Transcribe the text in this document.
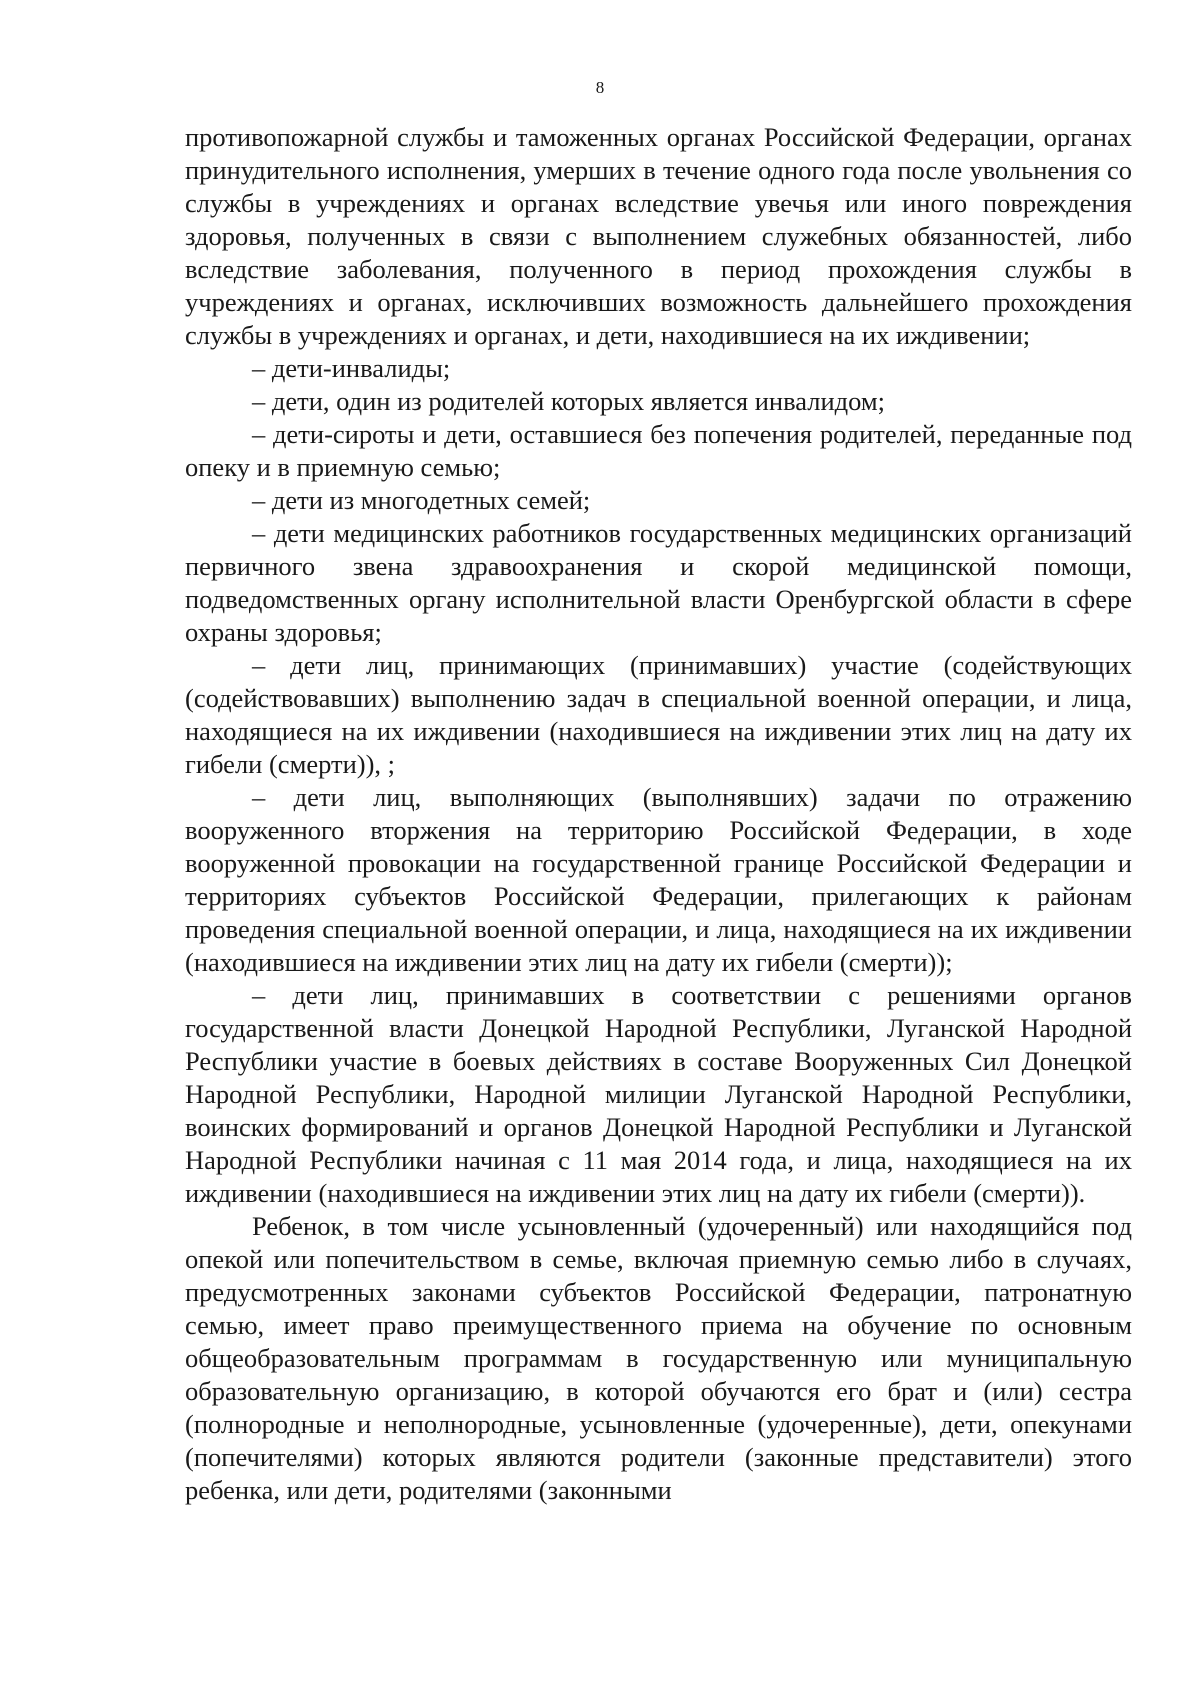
8

противопожарной службы и таможенных органах Российской Федерации, органах принудительного исполнения, умерших в течение одного года после увольнения со службы в учреждениях и органах вследствие увечья или иного повреждения здоровья, полученных в связи с выполнением служебных обязанностей, либо вследствие заболевания, полученного в период прохождения службы в учреждениях и органах, исключивших возможность дальнейшего прохождения службы в учреждениях и органах, и дети, находившиеся на их иждивении;

– дети-инвалиды;

– дети, один из родителей которых является инвалидом;

– дети-сироты и дети, оставшиеся без попечения родителей, переданные под опеку и в приемную семью;

– дети из многодетных семей;

– дети медицинских работников государственных медицинских организаций первичного звена здравоохранения и скорой медицинской помощи, подведомственных органу исполнительной власти Оренбургской области в сфере охраны здоровья;

– дети лиц, принимающих (принимавших) участие (содействующих (содействовавших) выполнению задач в специальной военной операции, и лица, находящиеся на их иждивении (находившиеся на иждивении этих лиц на дату их гибели (смерти)), ;

– дети лиц, выполняющих (выполнявших) задачи по отражению вооруженного вторжения на территорию Российской Федерации, в ходе вооруженной провокации на государственной границе Российской Федерации и территориях субъектов Российской Федерации, прилегающих к районам проведения специальной военной операции, и лица, находящиеся на их иждивении (находившиеся на иждивении этих лиц на дату их гибели (смерти));

– дети лиц, принимавших в соответствии с решениями органов государственной власти Донецкой Народной Республики, Луганской Народной Республики участие в боевых действиях в составе Вооруженных Сил Донецкой Народной Республики, Народной милиции Луганской Народной Республики, воинских формирований и органов Донецкой Народной Республики и Луганской Народной Республики начиная с 11 мая 2014 года, и лица, находящиеся на их иждивении (находившиеся на иждивении этих лиц на дату их гибели (смерти)).

Ребенок, в том числе усыновленный (удочеренный) или находящийся под опекой или попечительством в семье, включая приемную семью либо в случаях, предусмотренных законами субъектов Российской Федерации, патронатную семью, имеет право преимущественного приема на обучение по основным общеобразовательным программам в государственную или муниципальную образовательную организацию, в которой обучаются его брат и (или) сестра (полнородные и неполнородные, усыновленные (удочеренные), дети, опекунами (попечителями) которых являются родители (законные представители) этого ребенка, или дети, родителями (законными
